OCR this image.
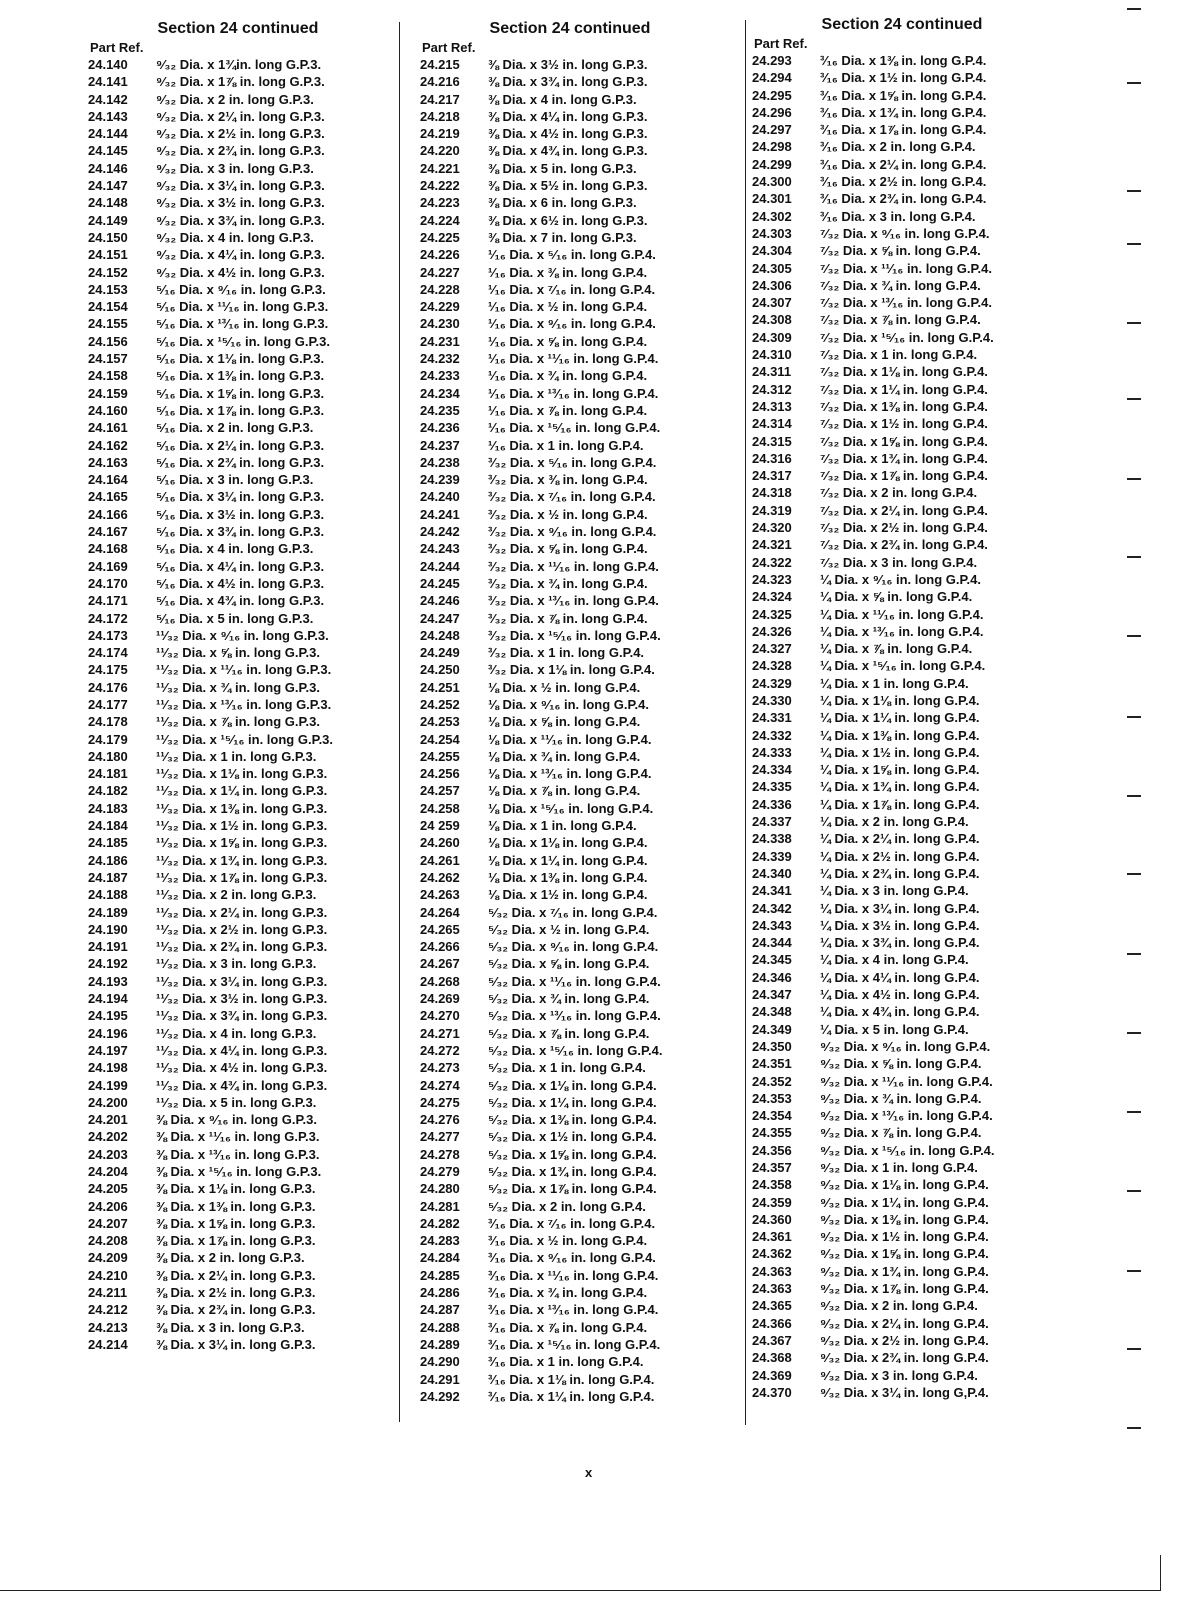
Section 24 continued
Part Ref.
24.140	⁹⁄₃₂ Dia. x 1¾in. long G.P.3.
24.141	⁹⁄₃₂ Dia. x 1⅞ in. long G.P.3.
24.142	⁹⁄₃₂ Dia. x 2 in. long G.P.3.
24.143	⁹⁄₃₂ Dia. x 2¼ in. long G.P.3.
24.144	⁹⁄₃₂ Dia. x 2½ in. long G.P.3.
24.145	⁹⁄₃₂ Dia. x 2¾ in. long G.P.3.
24.146	⁹⁄₃₂ Dia. x 3 in. long G.P.3.
24.147	⁹⁄₃₂ Dia. x 3¼ in. long G.P.3.
24.148	⁹⁄₃₂ Dia. x 3½ in. long G.P.3.
24.149	⁹⁄₃₂ Dia. x 3¾ in. long G.P.3.
24.150	⁹⁄₃₂ Dia. x 4 in. long G.P.3.
24.151	⁹⁄₃₂ Dia. x 4¼ in. long G.P.3.
24.152	⁹⁄₃₂ Dia. x 4½ in. long G.P.3.
24.153	⁵⁄₁₆ Dia. x ⁹⁄₁₆ in. long G.P.3.
24.154	⁵⁄₁₆ Dia. x ¹¹⁄₁₆ in. long G.P.3.
24.155	⁵⁄₁₆ Dia. x ¹³⁄₁₆ in. long G.P.3.
24.156	⁵⁄₁₆ Dia. x ¹⁵⁄₁₆ in. long G.P.3.
24.157	⁵⁄₁₆ Dia. x 1⅛ in. long G.P.3.
24.158	⁵⁄₁₆ Dia. x 1⅜ in. long G.P.3.
24.159	⁵⁄₁₆ Dia. x 1⅝ in. long G.P.3.
24.160	⁵⁄₁₆ Dia. x 1⅞ in. long G.P.3.
24.161	⁵⁄₁₆ Dia. x 2 in. long G.P.3.
24.162	⁵⁄₁₆ Dia. x 2¼ in. long G.P.3.
24.163	⁵⁄₁₆ Dia. x 2¾ in. long G.P.3.
24.164	⁵⁄₁₆ Dia. x 3 in. long G.P.3.
24.165	⁵⁄₁₆ Dia. x 3¼ in. long G.P.3.
24.166	⁵⁄₁₆ Dia. x 3½ in. long G.P.3.
24.167	⁵⁄₁₆ Dia. x 3¾ in. long G.P.3.
24.168	⁵⁄₁₆ Dia. x 4 in. long G.P.3.
24.169	⁵⁄₁₆ Dia. x 4¼ in. long G.P.3.
24.170	⁵⁄₁₆ Dia. x 4½ in. long G.P.3.
24.171	⁵⁄₁₆ Dia. x 4¾ in. long G.P.3.
24.172	⁵⁄₁₆ Dia. x 5 in. long G.P.3.
24.173	¹¹⁄₃₂ Dia. x ⁹⁄₁₆ in. long G.P.3.
24.174	¹¹⁄₃₂ Dia. x ⅝ in. long G.P.3.
24.175	¹¹⁄₃₂ Dia. x ¹¹⁄₁₆ in. long G.P.3.
24.176	¹¹⁄₃₂ Dia. x ¾ in. long G.P.3.
24.177	¹¹⁄₃₂ Dia. x ¹³⁄₁₆ in. long G.P.3.
24.178	¹¹⁄₃₂ Dia. x ⅞ in. long G.P.3.
24.179	¹¹⁄₃₂ Dia. x ¹⁵⁄₁₆ in. long G.P.3.
24.180	¹¹⁄₃₂ Dia. x 1 in. long G.P.3.
24.181	¹¹⁄₃₂ Dia. x 1⅛ in. long G.P.3.
24.182	¹¹⁄₃₂ Dia. x 1¼ in. long G.P.3.
24.183	¹¹⁄₃₂ Dia. x 1⅜ in. long G.P.3.
24.184	¹¹⁄₃₂ Dia. x 1½ in. long G.P.3.
24.185	¹¹⁄₃₂ Dia. x 1⅝ in. long G.P.3.
24.186	¹¹⁄₃₂ Dia. x 1¾ in. long G.P.3.
24.187	¹¹⁄₃₂ Dia. x 1⅞ in. long G.P.3.
24.188	¹¹⁄₃₂ Dia. x 2 in. long G.P.3.
24.189	¹¹⁄₃₂ Dia. x 2¼ in. long G.P.3.
24.190	¹¹⁄₃₂ Dia. x 2½ in. long G.P.3.
24.191	¹¹⁄₃₂ Dia. x 2¾ in. long G.P.3.
24.192	¹¹⁄₃₂ Dia. x 3 in. long G.P.3.
24.193	¹¹⁄₃₂ Dia. x 3¼ in. long G.P.3.
24.194	¹¹⁄₃₂ Dia. x 3½ in. long G.P.3.
24.195	¹¹⁄₃₂ Dia. x 3¾ in. long G.P.3.
24.196	¹¹⁄₃₂ Dia. x 4 in. long G.P.3.
24.197	¹¹⁄₃₂ Dia. x 4¼ in. long G.P.3.
24.198	¹¹⁄₃₂ Dia. x 4½ in. long G.P.3.
24.199	¹¹⁄₃₂ Dia. x 4¾ in. long G.P.3.
24.200	¹¹⁄₃₂ Dia. x 5 in. long G.P.3.
24.201	⅜ Dia. x ⁹⁄₁₆ in. long G.P.3.
24.202	⅜ Dia. x ¹¹⁄₁₆ in. long G.P.3.
24.203	⅜ Dia. x ¹³⁄₁₆ in. long G.P.3.
24.204	⅜ Dia. x ¹⁵⁄₁₆ in. long G.P.3.
24.205	⅜ Dia. x 1⅛ in. long G.P.3.
24.206	⅜ Dia. x 1⅜ in. long G.P.3.
24.207	⅜ Dia. x 1⅝ in. long G.P.3.
24.208	⅜ Dia. x 1⅞ in. long G.P.3.
24.209	⅜ Dia. x 2 in. long G.P.3.
24.210	⅜ Dia. x 2¼ in. long G.P.3.
24.211	⅜ Dia. x 2½ in. long G.P.3.
24.212	⅜ Dia. x 2¾ in. long G.P.3.
24.213	⅜ Dia. x 3 in. long G.P.3.
24.214	⅜ Dia. x 3¼ in. long G.P.3.
Section 24 continued
Part Ref.
24.215	⅜ Dia. x 3½ in. long G.P.3.
24.216	⅜ Dia. x 3¾ in. long G.P.3.
24.217	⅜ Dia. x 4 in. long G.P.3.
24.218	⅜ Dia. x 4¼ in. long G.P.3.
24.219	⅜ Dia. x 4½ in. long G.P.3.
24.220	⅜ Dia. x 4¾ in. long G.P.3.
24.221	⅜ Dia. x 5 in. long G.P.3.
24.222	⅜ Dia. x 5½ in. long G.P.3.
24.223	⅜ Dia. x 6 in. long G.P.3.
24.224	⅜ Dia. x 6½ in. long G.P.3.
24.225	⅜ Dia. x 7 in. long G.P.3.
24.226	¹⁄₁₆ Dia. x ⁵⁄₁₆ in. long G.P.4.
24.227	¹⁄₁₆ Dia. x ⅜ in. long G.P.4.
24.228	¹⁄₁₆ Dia. x ⁷⁄₁₆ in. long G.P.4.
24.229	¹⁄₁₆ Dia. x ½ in. long G.P.4.
24.230	¹⁄₁₆ Dia. x ⁹⁄₁₆ in. long G.P.4.
24.231	¹⁄₁₆ Dia. x ⅝ in. long G.P.4.
24.232	¹⁄₁₆ Dia. x ¹¹⁄₁₆ in. long G.P.4.
24.233	¹⁄₁₆ Dia. x ¾ in. long G.P.4.
24.234	¹⁄₁₆ Dia. x ¹³⁄₁₆ in. long G.P.4.
24.235	¹⁄₁₆ Dia. x ⅞ in. long G.P.4.
24.236	¹⁄₁₆ Dia. x ¹⁵⁄₁₆ in. long G.P.4.
24.237	¹⁄₁₆ Dia. x 1 in. long G.P.4.
24.238	³⁄₃₂ Dia. x ⁵⁄₁₆ in. long G.P.4.
24.239	³⁄₃₂ Dia. x ⅜ in. long G.P.4.
24.240	³⁄₃₂ Dia. x ⁷⁄₁₆ in. long G.P.4.
24.241	³⁄₃₂ Dia. x ½ in. long G.P.4.
24.242	³⁄₃₂ Dia. x ⁹⁄₁₆ in. long G.P.4.
24.243	³⁄₃₂ Dia. x ⅝ in. long G.P.4.
24.244	³⁄₃₂ Dia. x ¹¹⁄₁₆ in. long G.P.4.
24.245	³⁄₃₂ Dia. x ¾ in. long G.P.4.
24.246	³⁄₃₂ Dia. x ¹³⁄₁₆ in. long G.P.4.
24.247	³⁄₃₂ Dia. x ⅞ in. long G.P.4.
24.248	³⁄₃₂ Dia. x ¹⁵⁄₁₆ in. long G.P.4.
24.249	³⁄₃₂ Dia. x 1 in. long G.P.4.
24.250	³⁄₃₂ Dia. x 1⅛ in. long G.P.4.
24.251	⅛ Dia. x ½ in. long G.P.4.
24.252	⅛ Dia. x ⁹⁄₁₆ in. long G.P.4.
24.253	⅛ Dia. x ⅝ in. long G.P.4.
24.254	⅛ Dia. x ¹¹⁄₁₆ in. long G.P.4.
24.255	⅛ Dia. x ¾ in. long G.P.4.
24.256	⅛ Dia. x ¹³⁄₁₆ in. long G.P.4.
24.257	⅛ Dia. x ⅞ in. long G.P.4.
24.258	⅛ Dia. x ¹⁵⁄₁₆ in. long G.P.4.
24 259	⅛ Dia. x 1 in. long G.P.4.
24.260	⅛ Dia. x 1⅛ in. long G.P.4.
24.261	⅛ Dia. x 1¼ in. long G.P.4.
24.262	⅛ Dia. x 1⅜ in. long G.P.4.
24.263	⅛ Dia. x 1½ in. long G.P.4.
24.264	⁵⁄₃₂ Dia. x ⁷⁄₁₆ in. long G.P.4.
24.265	⁵⁄₃₂ Dia. x ½ in. long G.P.4.
24.266	⁵⁄₃₂ Dia. x ⁹⁄₁₆ in. long G.P.4.
24.267	⁵⁄₃₂ Dia. x ⅝ in. long G.P.4.
24.268	⁵⁄₃₂ Dia. x ¹¹⁄₁₆ in. long G.P.4.
24.269	⁵⁄₃₂ Dia. x ¾ in. long G.P.4.
24.270	⁵⁄₃₂ Dia. x ¹³⁄₁₆ in. long G.P.4.
24.271	⁵⁄₃₂ Dia. x ⅞ in. long G.P.4.
24.272	⁵⁄₃₂ Dia. x ¹⁵⁄₁₆ in. long G.P.4.
24.273	⁵⁄₃₂ Dia. x 1 in. long G.P.4.
24.274	⁵⁄₃₂ Dia. x 1⅛ in. long G.P.4.
24.275	⁵⁄₃₂ Dia. x 1¼ in. long G.P.4.
24.276	⁵⁄₃₂ Dia. x 1⅜ in. long G.P.4.
24.277	⁵⁄₃₂ Dia. x 1½ in. long G.P.4.
24.278	⁵⁄₃₂ Dia. x 1⅝ in. long G.P.4.
24.279	⁵⁄₃₂ Dia. x 1¾ in. long G.P.4.
24.280	⁵⁄₃₂ Dia. x 1⅞ in. long G.P.4.
24.281	⁵⁄₃₂ Dia. x 2 in. long G.P.4.
24.282	³⁄₁₆ Dia. x ⁷⁄₁₆ in. long G.P.4.
24.283	³⁄₁₆ Dia. x ½ in. long G.P.4.
24.284	³⁄₁₆ Dia. x ⁹⁄₁₆ in. long G.P.4.
24.285	³⁄₁₆ Dia. x ¹¹⁄₁₆ in. long G.P.4.
24.286	³⁄₁₆ Dia. x ¾ in. long G.P.4.
24.287	³⁄₁₆ Dia. x ¹³⁄₁₆ in. long G.P.4.
24.288	³⁄₁₆ Dia. x ⅞ in. long G.P.4.
24.289	³⁄₁₆ Dia. x ¹⁵⁄₁₆ in. long G.P.4.
24.290	³⁄₁₆ Dia. x 1 in. long G.P.4.
24.291	³⁄₁₆ Dia. x 1⅛ in. long G.P.4.
24.292	³⁄₁₆ Dia. x 1¼ in. long G.P.4.
Section 24 continued
Part Ref.
24.293	³⁄₁₆ Dia. x 1⅜ in. long G.P.4.
24.294	³⁄₁₆ Dia. x 1½ in. long G.P.4.
24.295	³⁄₁₆ Dia. x 1⅝ in. long G.P.4.
24.296	³⁄₁₆ Dia. x 1¾ in. long G.P.4.
24.297	³⁄₁₆ Dia. x 1⅞ in. long G.P.4.
24.298	³⁄₁₆ Dia. x 2 in. long G.P.4.
24.299	³⁄₁₆ Dia. x 2¼ in. long G.P.4.
24.300	³⁄₁₆ Dia. x 2½ in. long G.P.4.
24.301	³⁄₁₆ Dia. x 2¾ in. long G.P.4.
24.302	³⁄₁₆ Dia. x 3 in. long G.P.4.
24.303	⁷⁄₃₂ Dia. x ⁹⁄₁₆ in. long G.P.4.
24.304	⁷⁄₃₂ Dia. x ⅝ in. long G.P.4.
24.305	⁷⁄₃₂ Dia. x ¹¹⁄₁₆ in. long G.P.4.
24.306	⁷⁄₃₂ Dia. x ¾ in. long G.P.4.
24.307	⁷⁄₃₂ Dia. x ¹³⁄₁₆ in. long G.P.4.
24.308	⁷⁄₃₂ Dia. x ⅞ in. long G.P.4.
24.309	⁷⁄₃₂ Dia. x ¹⁵⁄₁₆ in. long G.P.4.
24.310	⁷⁄₃₂ Dia. x 1 in. long G.P.4.
24.311	⁷⁄₃₂ Dia. x 1⅛ in. long G.P.4.
24.312	⁷⁄₃₂ Dia. x 1¼ in. long G.P.4.
24.313	⁷⁄₃₂ Dia. x 1⅜ in. long G.P.4.
24.314	⁷⁄₃₂ Dia. x 1½ in. long G.P.4.
24.315	⁷⁄₃₂ Dia. x 1⅝ in. long G.P.4.
24.316	⁷⁄₃₂ Dia. x 1¾ in. long G.P.4.
24.317	⁷⁄₃₂ Dia. x 1⅞ in. long G.P.4.
24.318	⁷⁄₃₂ Dia. x 2 in. long G.P.4.
24.319	⁷⁄₃₂ Dia. x 2¼ in. long G.P.4.
24.320	⁷⁄₃₂ Dia. x 2½ in. long G.P.4.
24.321	⁷⁄₃₂ Dia. x 2¾ in. long G.P.4.
24.322	⁷⁄₃₂ Dia. x 3 in. long G.P.4.
24.323	¼ Dia. x ⁹⁄₁₆ in. long G.P.4.
24.324	¼ Dia. x ⅝ in. long G.P.4.
24.325	¼ Dia. x ¹¹⁄₁₆ in. long G.P.4.
24.326	¼ Dia. x ¹³⁄₁₆ in. long G.P.4.
24.327	¼ Dia. x ⅞ in. long G.P.4.
24.328	¼ Dia. x ¹⁵⁄₁₆ in. long G.P.4.
24.329	¼ Dia. x 1 in. long G.P.4.
24.330	¼ Dia. x 1⅛ in. long G.P.4.
24.331	¼ Dia. x 1¼ in. long G.P.4.
24.332	¼ Dia. x 1⅜ in. long G.P.4.
24.333	¼ Dia. x 1½ in. long G.P.4.
24.334	¼ Dia. x 1⅝ in. long G.P.4.
24.335	¼ Dia. x 1¾ in. long G.P.4.
24.336	¼ Dia. x 1⅞ in. long G.P.4.
24.337	¼ Dia. x 2 in. long G.P.4.
24.338	¼ Dia. x 2¼ in. long G.P.4.
24.339	¼ Dia. x 2½ in. long G.P.4.
24.340	¼ Dia. x 2¾ in. long G.P.4.
24.341	¼ Dia. x 3 in. long G.P.4.
24.342	¼ Dia. x 3¼ in. long G.P.4.
24.343	¼ Dia. x 3½ in. long G.P.4.
24.344	¼ Dia. x 3¾ in. long G.P.4.
24.345	¼ Dia. x 4 in. long G.P.4.
24.346	¼ Dia. x 4¼ in. long G.P.4.
24.347	¼ Dia. x 4½ in. long G.P.4.
24.348	¼ Dia. x 4¾ in. long G.P.4.
24.349	¼ Dia. x 5 in. long G.P.4.
24.350	⁹⁄₃₂ Dia. x ⁹⁄₁₆ in. long G.P.4.
24.351	⁹⁄₃₂ Dia. x ⅝ in. long G.P.4.
24.352	⁹⁄₃₂ Dia. x ¹¹⁄₁₆ in. long G.P.4.
24.353	⁹⁄₃₂ Dia. x ¾ in. long G.P.4.
24.354	⁹⁄₃₂ Dia. x ¹³⁄₁₆ in. long G.P.4.
24.355	⁹⁄₃₂ Dia. x ⅞ in. long G.P.4.
24.356	⁹⁄₃₂ Dia. x ¹⁵⁄₁₆ in. long G.P.4.
24.357	⁹⁄₃₂ Dia. x 1 in. long G.P.4.
24.358	⁹⁄₃₂ Dia. x 1⅛ in. long G.P.4.
24.359	⁹⁄₃₂ Dia. x 1¼ in. long G.P.4.
24.360	⁹⁄₃₂ Dia. x 1⅜ in. long G.P.4.
24.361	⁹⁄₃₂ Dia. x 1½ in. long G.P.4.
24.362	⁹⁄₃₂ Dia. x 1⅝ in. long G.P.4.
24.363	⁹⁄₃₂ Dia. x 1¾ in. long G.P.4.
24.363	⁹⁄₃₂ Dia. x 1⅞ in. long G.P.4.
24.365	⁹⁄₃₂ Dia. x 2 in. long G.P.4.
24.366	⁹⁄₃₂ Dia. x 2¼ in. long G.P.4.
24.367	⁹⁄₃₂ Dia. x 2½ in. long G.P.4.
24.368	⁹⁄₃₂ Dia. x 2¾ in. long G.P.4.
24.369	⁹⁄₃₂ Dia. x 3 in. long G.P.4.
24.370	⁹⁄₃₂ Dia. x 3¼ in. long G,P.4.
x
